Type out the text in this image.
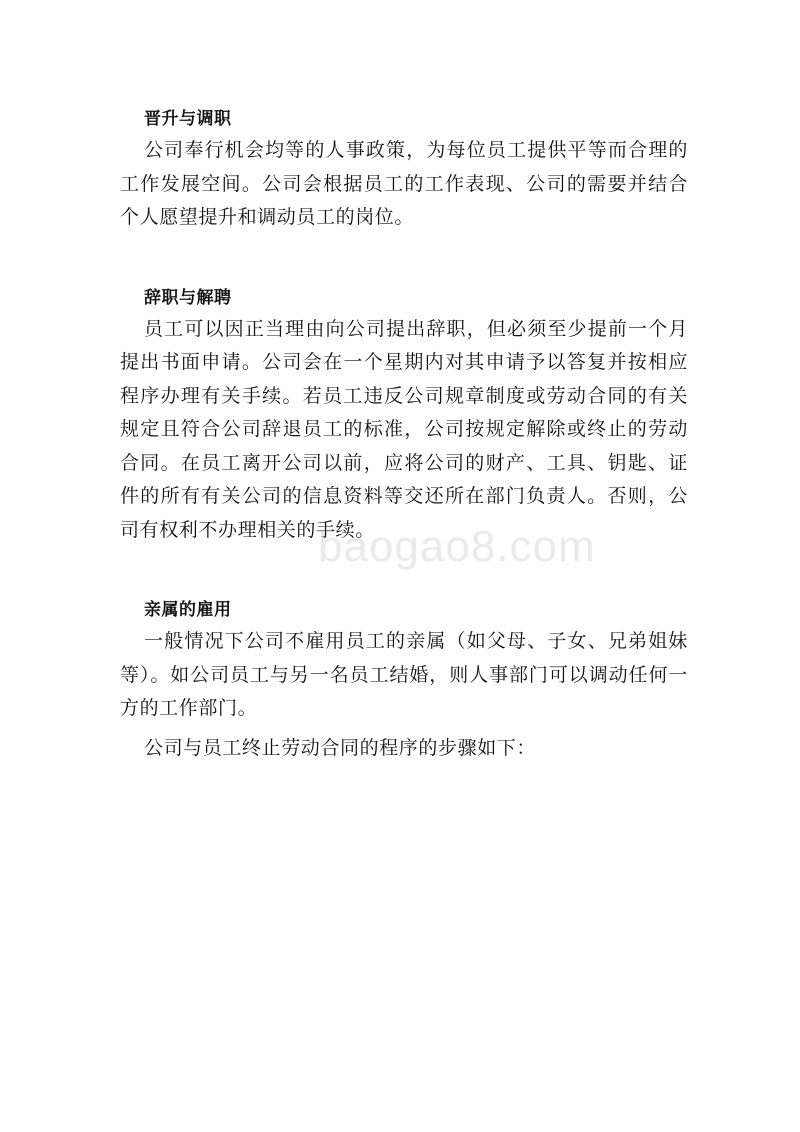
晋升与调职

公司奉行机会均等的人事政策，为每位员工提供平等而合理的工作发展空间。公司会根据员工的工作表现、公司的需要并结合个人愿望提升和调动员工的岗位。

辞职与解聘

员工可以因正当理由向公司提出辞职，但必须至少提前一个月提出书面申请。公司会在一个星期内对其申请予以答复并按相应程序办理有关手续。若员工违反公司规章制度或劳动合同的有关规定且符合公司辞退员工的标准，公司按规定解除或终止的劳动合同。在员工离开公司以前，应将公司的财产、工具、钥匙、证件的所有有关公司的信息资料等交还所在部门负责人。否则，公司有权利不办理相关的手续。

亲属的雇用

一般情况下公司不雇用员工的亲属（如父母、子女、兄弟姐妹等）。如公司员工与另一名员工结婚，则人事部门可以调动任何一方的工作部门。

公司与员工终止劳动合同的程序的步骤如下：

baogao8.com
